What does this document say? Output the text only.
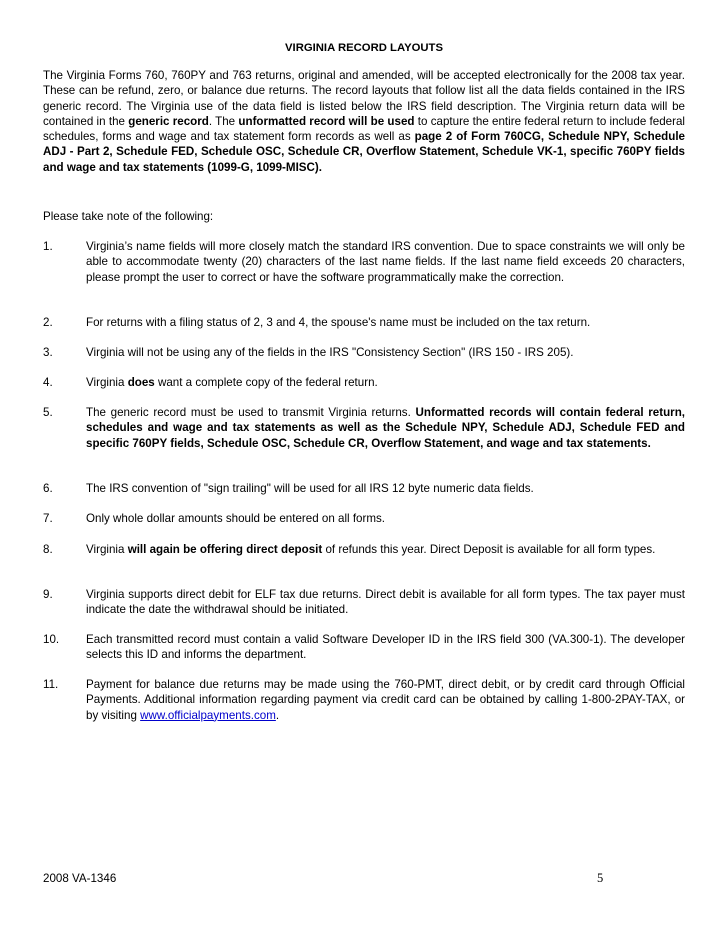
VIRGINIA RECORD LAYOUTS

The Virginia Forms 760, 760PY and 763 returns, original and amended, will be accepted electronically for the 2008 tax year. These can be refund, zero, or balance due returns. The record layouts that follow list all the data fields contained in the IRS generic record. The Virginia use of the data field is listed below the IRS field description. The Virginia return data will be contained in the generic record. The unformatted record will be used to capture the entire federal return to include federal schedules, forms and wage and tax statement form records as well as page 2 of Form 760CG, Schedule NPY, Schedule ADJ - Part 2, Schedule FED, Schedule OSC, Schedule CR, Overflow Statement, Schedule VK-1, specific 760PY fields and wage and tax statements (1099-G, 1099-MISC).

Please take note of the following:

1.	Virginia’s name fields will more closely match the standard IRS convention. Due to space constraints we will only be able to accommodate twenty (20) characters of the last name fields. If the last name field exceeds 20 characters, please prompt the user to correct or have the software programmatically make the correction.
2.	For returns with a filing status of 2, 3 and 4, the spouse's name must be included on the tax return.
3.	Virginia will not be using any of the fields in the IRS "Consistency Section" (IRS 150 - IRS 205).
4.	Virginia does want a complete copy of the federal return.
5.	The generic record must be used to transmit Virginia returns. Unformatted records will contain federal return, schedules and wage and tax statements as well as the Schedule NPY, Schedule ADJ, Schedule FED and specific 760PY fields, Schedule OSC, Schedule CR, Overflow Statement, and wage and tax statements.
6.	The IRS convention of "sign trailing" will be used for all IRS 12 byte numeric data fields.
7.	Only whole dollar amounts should be entered on all forms.
8.	Virginia will again be offering direct deposit of refunds this year. Direct Deposit is available for all form types.
9.	Virginia supports direct debit for ELF tax due returns. Direct debit is available for all form types. The tax payer must indicate the date the withdrawal should be initiated.
10.	Each transmitted record must contain a valid Software Developer ID in the IRS field 300 (VA.300-1). The developer selects this ID and informs the department.
11.	Payment for balance due returns may be made using the 760-PMT, direct debit, or by credit card through Official Payments. Additional information regarding payment via credit card can be obtained by calling 1-800-2PAY-TAX, or by visiting www.officialpayments.com.
2008 VA-1346	5
